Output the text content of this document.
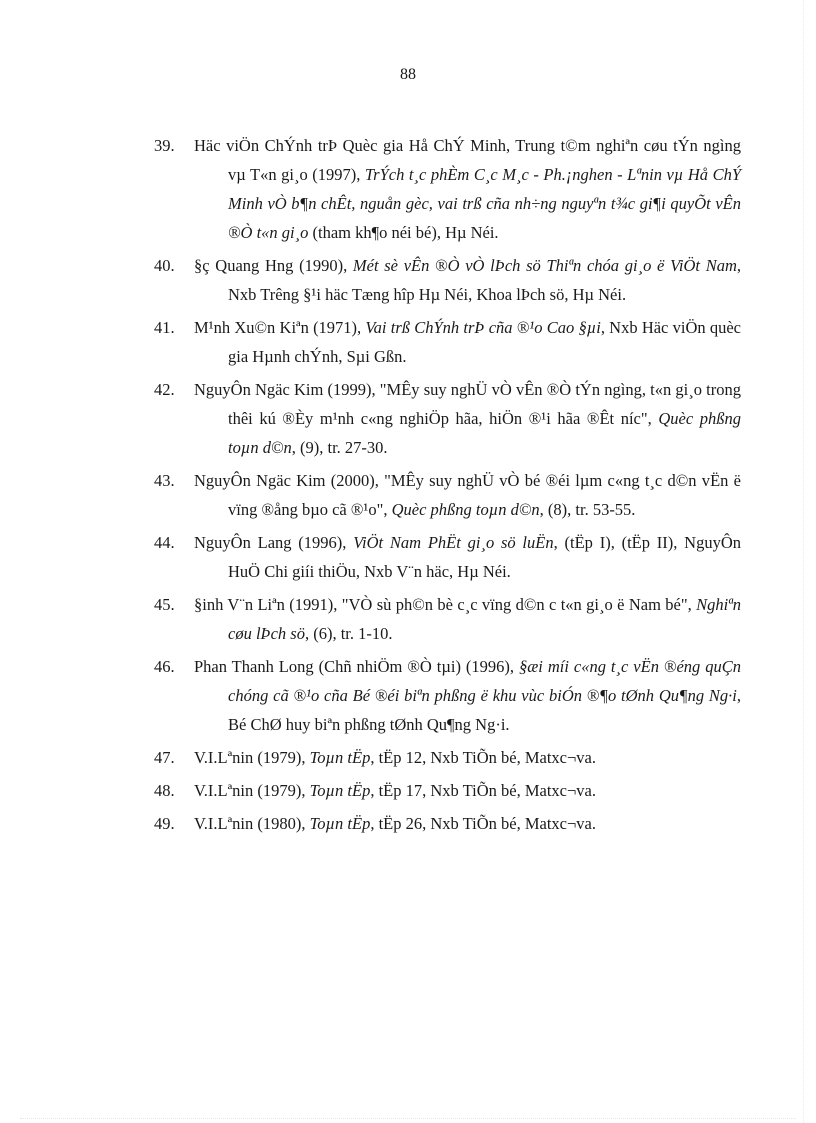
88
39. Häc viÖn ChÝnh trÞ Quèc gia Hå ChÝ Minh, Trung t©m nghiªn cøu tÝn ngìng vµ T«n gi¸o (1997), TrÝch t¸c phÈm C¸c M¸c - Ph.¡nghen - Lªnin vµ Hå ChÝ Minh vÒ b¶n chÊt, nguån gèc, vai trß cña nh÷ng nguyªn t¾c gi¶i quyÕt vÊn ®Ò t«n gi¸o (tham kh¶o néi bé), Hµ Néi.
40. §ç Quang Hng (1990), Mét sè vÊn ®Ò vÒ lÞch sö Thiªn chóa gi¸o ë ViÖt Nam, Nxb Trêng §¹i häc Tæng hîp Hµ Néi, Khoa lÞch sö, Hµ Néi.
41. M¹nh Xu©n Kiªn (1971), Vai trß ChÝnh trÞ cña ®¹o Cao §µi, Nxb Häc viÖn quèc gia Hµnh chÝnh, Sµi Gßn.
42. NguyÔn Ngäc Kim (1999), "MÊy suy nghÜ vÒ vÊn ®Ò tÝn ngìng, t«n gi¸o trong thêi kú ®Èy m¹nh c«ng nghiÖp hãa, hiÖn ®¹i hãa ®Êt níc", Quèc phßng toµn d©n, (9), tr. 27-30.
43. NguyÔn Ngäc Kim (2000), "MÊy suy nghÜ vÒ bé ®éi lµm c«ng t¸c d©n vËn ë vïng ®ång bµo cã ®¹o", Quèc phßng toµn d©n, (8), tr. 53-55.
44. NguyÔn Lang (1996), ViÖt Nam PhËt gi¸o sö luËn, (tËp I), (tËp II), NguyÔn HuÖ Chi giíi thiÖu, Nxb V¨n häc, Hµ Néi.
45. §inh V¨n Liªn (1991), "VÒ sù ph©n bè c¸c vïng d©n c t«n gi¸o ë Nam bé", Nghiªn cøu lÞch sö, (6), tr. 1-10.
46. Phan Thanh Long (Chñ nhiÖm ®Ò tµi) (1996), §æi míi c«ng t¸c vËn ®éng quÇn chóng cã ®¹o cña Bé ®éi biªn phßng ë khu vùc biÓn ®¶o tØnh Qu¶ng Ng·i, Bé ChØ huy biªn phßng tØnh Qu¶ng Ng·i.
47. V.I.Lªnin (1979), Toµn tËp, tËp 12, Nxb TiÕn bé, Matxc¬va.
48. V.I.Lªnin (1979), Toµn tËp, tËp 17, Nxb TiÕn bé, Matxc¬va.
49. V.I.Lªnin (1980), Toµn tËp, tËp 26, Nxb TiÕn bé, Matxc¬va.
